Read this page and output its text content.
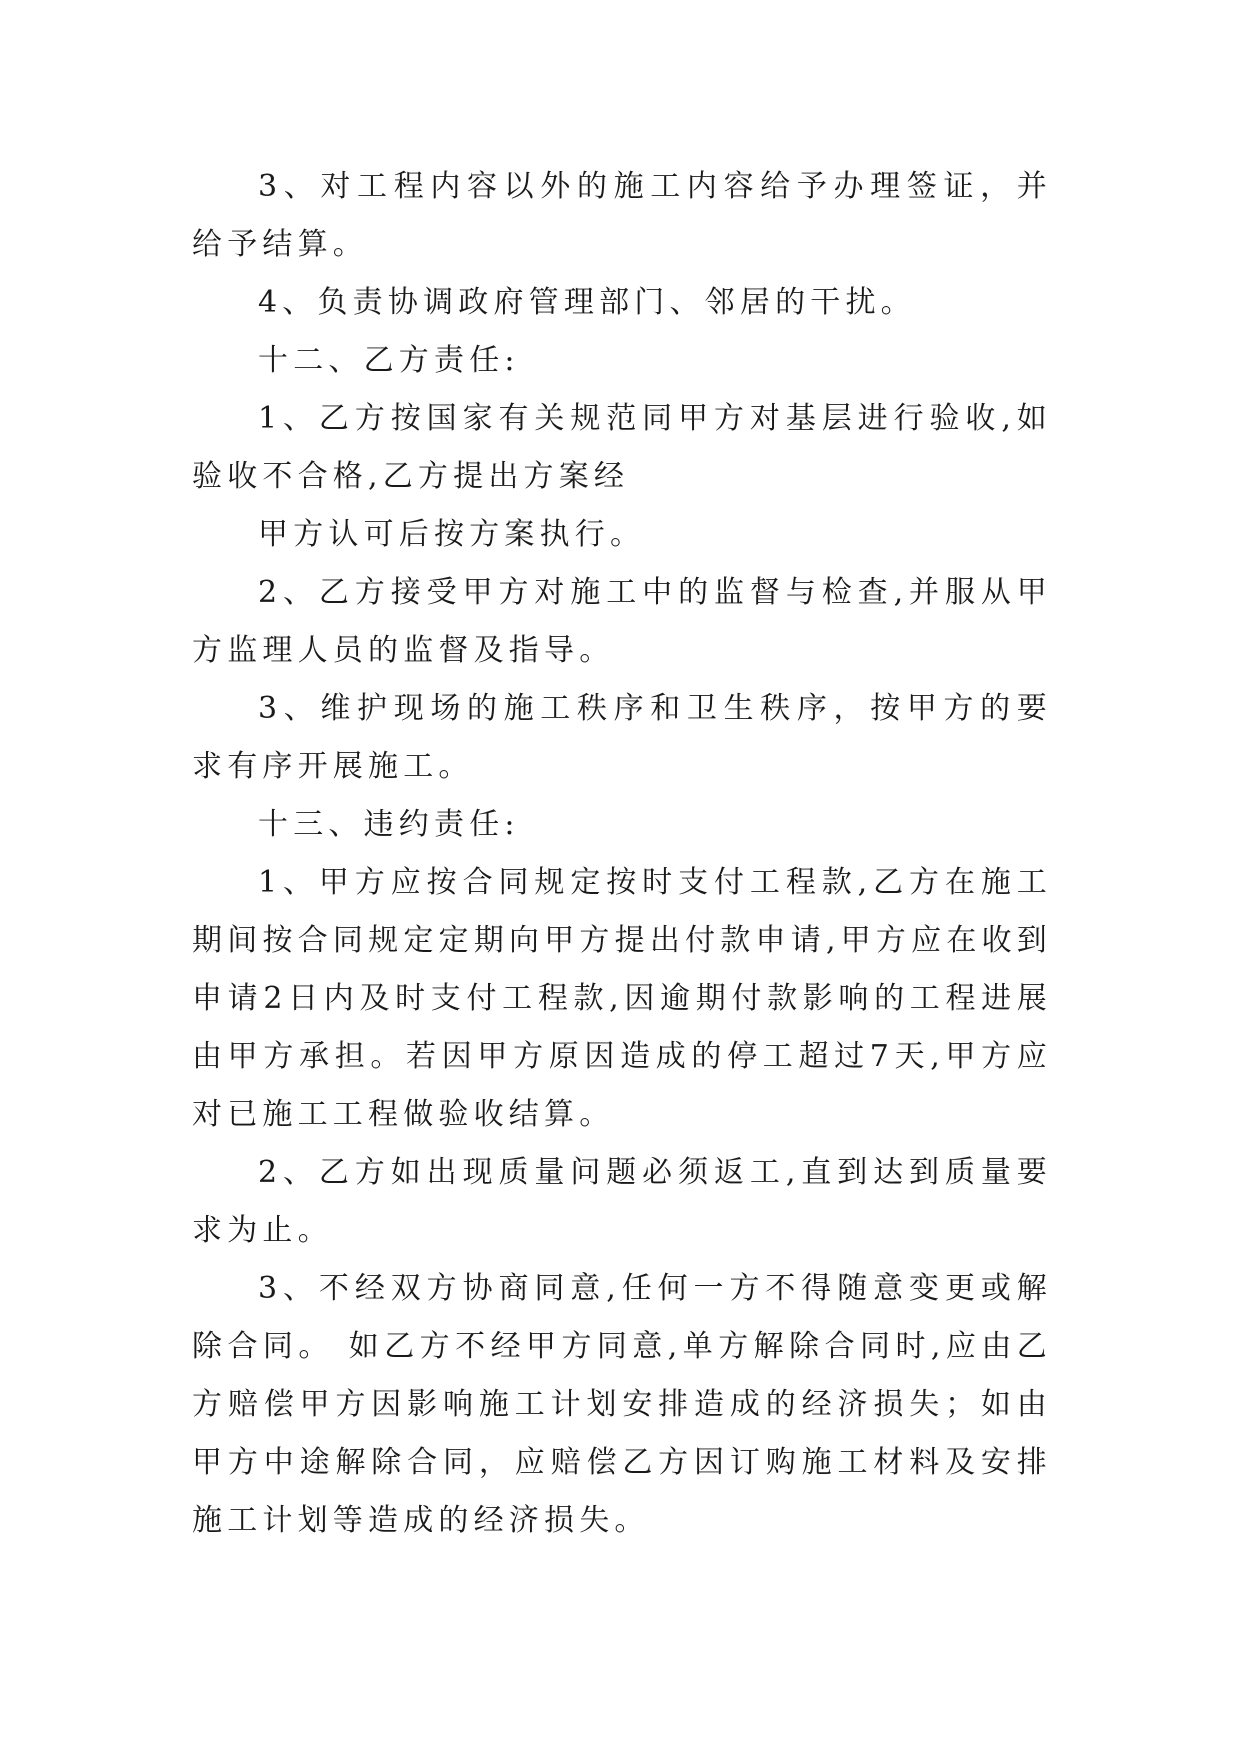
3、对工程内容以外的施工内容给予办理签证，并给予结算。

4、负责协调政府管理部门、邻居的干扰。

十二、乙方责任:

1、乙方按国家有关规范同甲方对基层进行验收,如验收不合格,乙方提出方案经

甲方认可后按方案执行。

2、乙方接受甲方对施工中的监督与检查,并服从甲方监理人员的监督及指导。

3、维护现场的施工秩序和卫生秩序，按甲方的要求有序开展施工。

十三、违约责任:

1、甲方应按合同规定按时支付工程款,乙方在施工期间按合同规定定期向甲方提出付款申请,甲方应在收到申请2日内及时支付工程款,因逾期付款影响的工程进展由甲方承担。若因甲方原因造成的停工超过7天,甲方应对已施工工程做验收结算。

2、乙方如出现质量问题必须返工,直到达到质量要求为止。

3、不经双方协商同意,任何一方不得随意变更或解除合同。 如乙方不经甲方同意,单方解除合同时,应由乙方赔偿甲方因影响施工计划安排造成的经济损失；如由甲方中途解除合同，应赔偿乙方因订购施工材料及安排施工计划等造成的经济损失。
